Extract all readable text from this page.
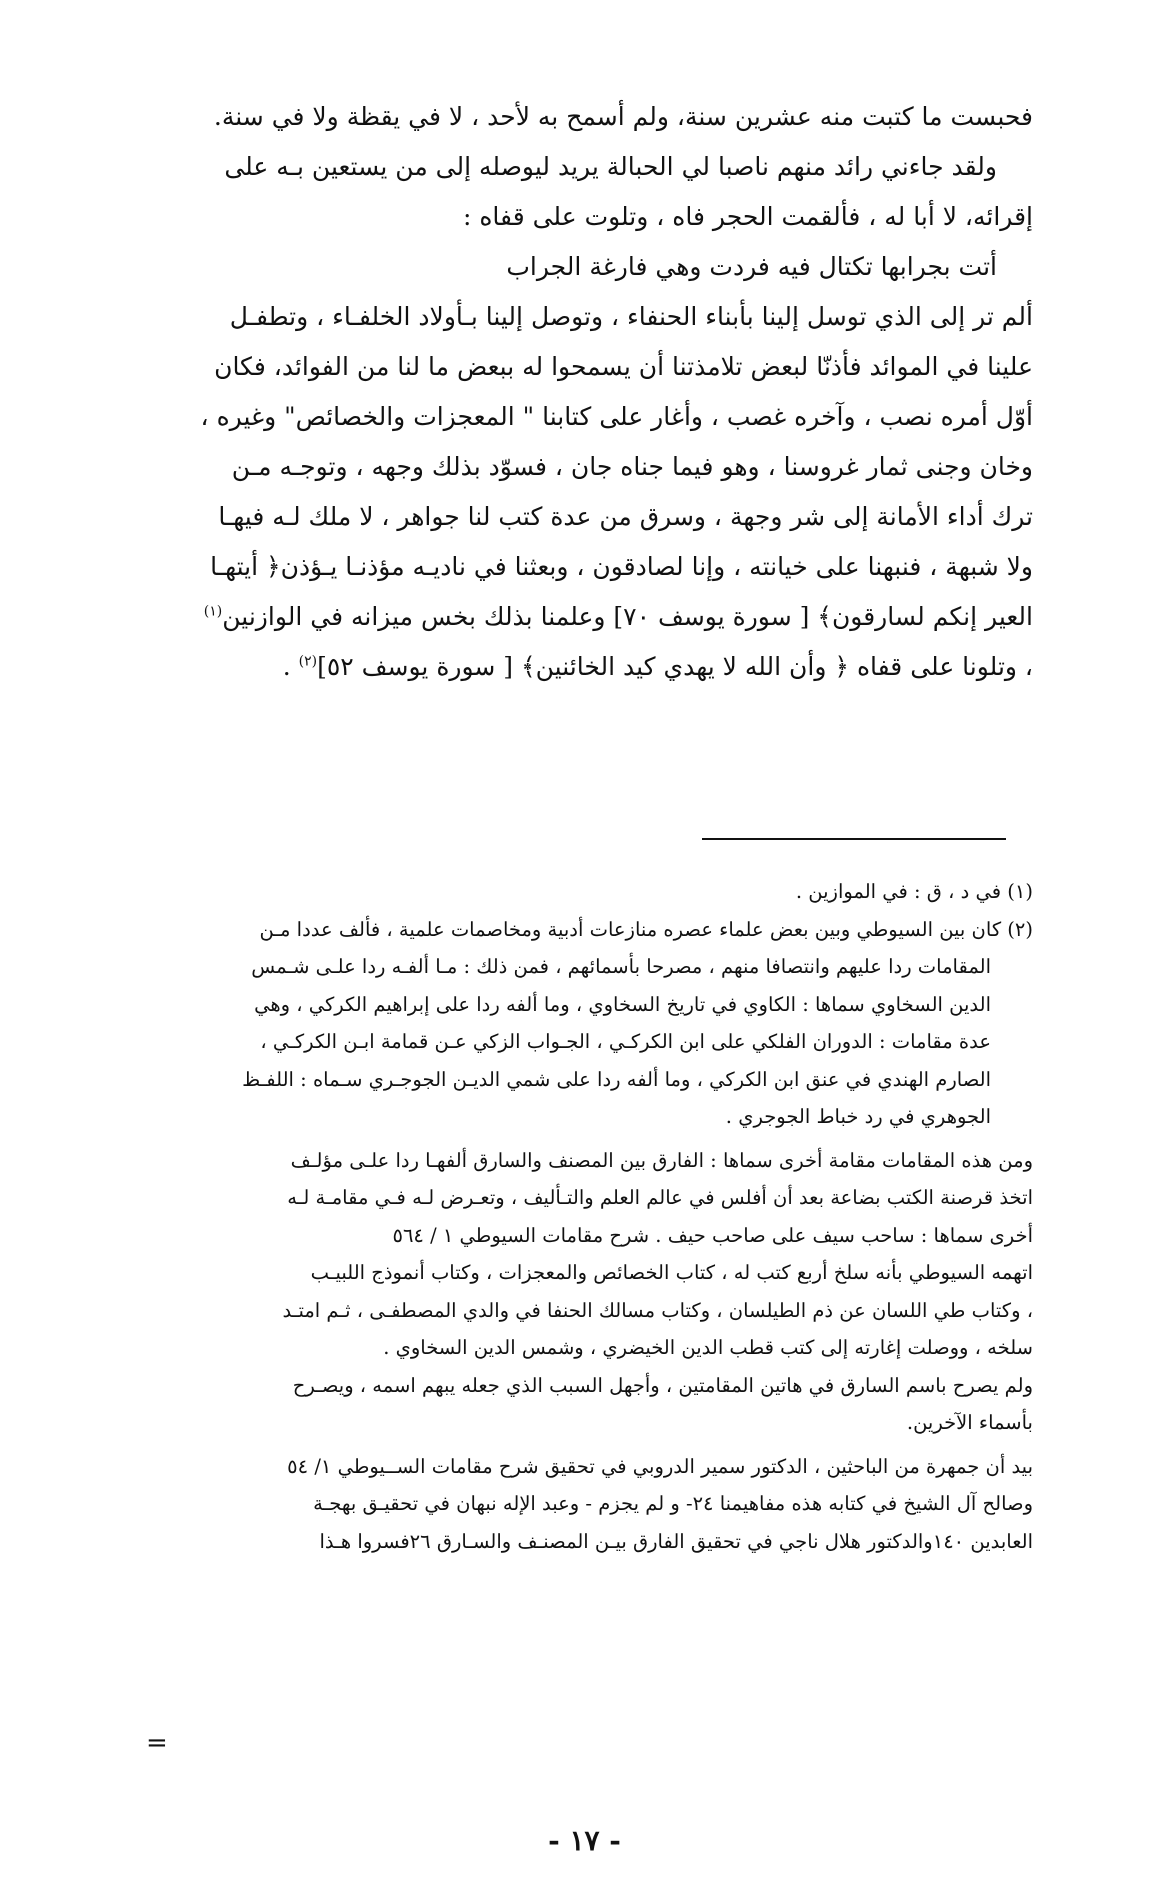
فحبست ما كتبت منه عشرين سنة، ولم أسمح به لأحد ، لا في يقظة ولا في سنة.
ولقد جاءني رائد منهم ناصبا لي الحبالة يريد ليوصله إلى من يستعين بـه على
إقرائه، لا أبا له ، فألقمت الحجر فاه ، وتلوت على قفاه :
أتت بجرابها تكتال فيه فردت وهي فارغة الجراب
ألم تر إلى الذي توسل إلينا بأبناء الحنفاء ، وتوصل إلينا بـأولاد الخلفـاء ، وتطفـل
علينا في الموائد فأذنّا لبعض تلامذتنا أن يسمحوا له ببعض ما لنا من الفوائد، فكان
أوّل أمره نصب ، وآخره غصب ، وأغار على كتابنا " المعجزات والخصائص" وغيره ،
وخان وجنى ثمار غروسنا ، وهو فيما جناه جان ، فسوّد بذلك وجهه ، وتوجـه مـن
ترك أداء الأمانة إلى شر وجهة ، وسرق من عدة كتب لنا جواهر ، لا ملك لـه فيهـا
ولا شبهة ، فنبهنا على خيانته ، وإنا لصادقون ، وبعثنا في ناديـه مؤذنـا يـؤذن﴿ أيتهـا
العير إنكم لسارقون﴾ [ سورة يوسف ٧٠] وعلمنا بذلك بخس ميزانه في الوازنين$^{(١)}$
، وتلونا على قفاه ﴿ وأن الله لا يهدي كيد الخائنين﴾ [ سورة يوسف ٥٢]$^{(٢)}$ .
(١) في د ، ق : في الموازين .
(٢) كان بين السيوطي وبين بعض علماء عصره منازعات أدبية ومخاصمات علمية ، فألف عددا مـن
المقامات ردا عليهم وانتصافا منهم ، مصرحا بأسمائهم ، فمن ذلك : مـا ألفـه ردا علـى شـمس
الدين السخاوي سماها : الكاوي في تاريخ السخاوي ، وما ألفه ردا على إبراهيم الكركي ، وهي
عدة مقامات : الدوران الفلكي على ابن الكركـي ، الجـواب الزكي عـن قمامة ابـن الكركـي ،
الصارم الهندي في عنق ابن الكركي ، وما ألفه ردا على شمي الديـن الجوجـري سـماه : اللفـظ
الجوهري في رد خباط الجوجري .
ومن هذه المقامات مقامة أخرى سماها : الفارق بين المصنف والسارق ألفهـا ردا علـى مؤلـف
اتخذ قرصنة الكتب بضاعة بعد أن أفلس في عالم العلم والتـأليف ، وتعـرض لـه فـي مقامـة لـه
أخرى سماها : ساحب سيف على صاحب حيف . شرح مقامات السيوطي ١ / ٥٦٤
اتهمه السيوطي بأنه سلخ أربع كتب له ، كتاب الخصائص والمعجزات ، وكتاب أنموذج اللبيـب
، وكتاب طي اللسان عن ذم الطيلسان ، وكتاب مسالك الحنفا في والدي المصطفـى ، ثـم امتـد
سلخه ، ووصلت إغارته إلى كتب قطب الدين الخيضري ، وشمس الدين السخاوي .
ولم يصرح باسم السارق في هاتين المقامتين ، وأجهل السبب الذي جعله يبهم اسمه ، ويصـرح
بأسماء الآخرين.
بيد أن جمهرة من الباحثين ، الدكتور سمير الدروبي في تحقيق شرح مقامات الســيوطي ١/ ٥٤
وصالح آل الشيخ في كتابه هذه مفاهيمنا ٢٤- و لم يجزم - وعبد الإله نبهان في تحقيـق بهجـة
العابدين ١٤٠والدكتور هلال ناجي في تحقيق الفارق بيـن المصنـف والسـارق ٢٦فسروا هـذا
=
- ١٧ -
